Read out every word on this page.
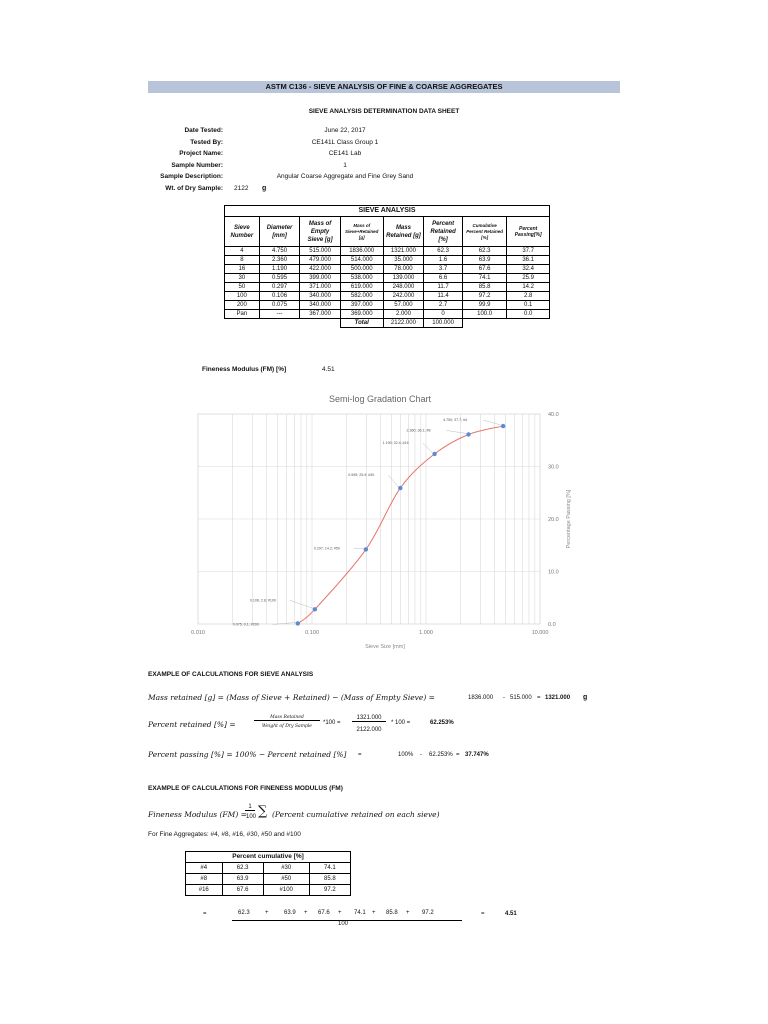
ASTM C136 - SIEVE ANALYSIS OF FINE & COARSE AGGREGATES
SIEVE ANALYSIS DETERMINATION DATA SHEET
Date Tested:	June 22, 2017
Tested By:	CE141L Class Group 1
Project Name:	CE141 Lab
Sample Number:	1
Sample Description:	Angular Coarse Aggregate and Fine Grey Sand
Wt. of Dry Sample: 2122 g
SIEVE ANALYSIS							
Sieve Number	Diameter [mm]	Mass of Empty Sieve [g]	Mass of Sieve+Retained [g]	Mass Retained [g]	Percent Retained [%]	Cumulative Percent Retained [%]	Percent Passing[%]
4	4.750	515.000	1836.000	1321.000	62.3	62.3	37.7
8	2.360	479.000	514.000	35.000	1.6	63.9	36.1
16	1.190	422.000	500.000	78.000	3.7	67.6	32.4
30	0.595	399.000	538.000	139.000	6.6	74.1	25.9
50	0.297	371.000	619.000	248.000	11.7	85.8	14.2
100	0.106	340.000	582.000	242.000	11.4	97.2	2.8
200	0.075	340.000	397.000	57.000	2.7	99.9	0.1
Pan	---	367.000	369.000	2.000	0	100.0	0.0
			Total	2122.000	100.000		
Fineness Modulus (FM) [%]	4.51
Semi-log Gradation Chart
0.010	0.100	1.000	10.000
0.0
10.0
20.0
30.0
40.0
0.075; 0.1; #200
0.106; 2.8; #100
0.297; 14.2; #50
0.595; 25.9; #30
1.190; 32.4; #16
2.360; 36.1; #8
4.750; 37.7; #4
Sieve Size [mm]
Percentage Passing [%]
EXAMPLE OF CALCULATIONS FOR SIEVE ANALYSIS
Mass retained [g] = (Mass of Sieve + Retained) − (Mass of Empty Sieve) =	1836.000 - 515.000 = 1321.000 g
Percent retained [%] =
Mass Retained
Weight of Dry Sample
*100 =
1321.000
2122.000
* 100 =	62.253%
Percent passing [%] = 100% − Percent retained [%] =	100% - 62.253% = 37.747%
EXAMPLE OF CALCULATIONS FOR FINENESS MODULUS (FM)
Fineness Modulus (FM) =
1
100 ∑ (Percent cumulative retained on each sieve)
For Fine Aggregates: #4, #8, #16, #30, #50 and #100
Percent cumulative [%]			
#4	62.3	#30	74.1
#8	63.9	#50	85.8
#16	67.6	#100	97.2
=	62.3	+	63.9 + 67.6 + 74.1 + 85.8 + 97.2
100
=	4.51
